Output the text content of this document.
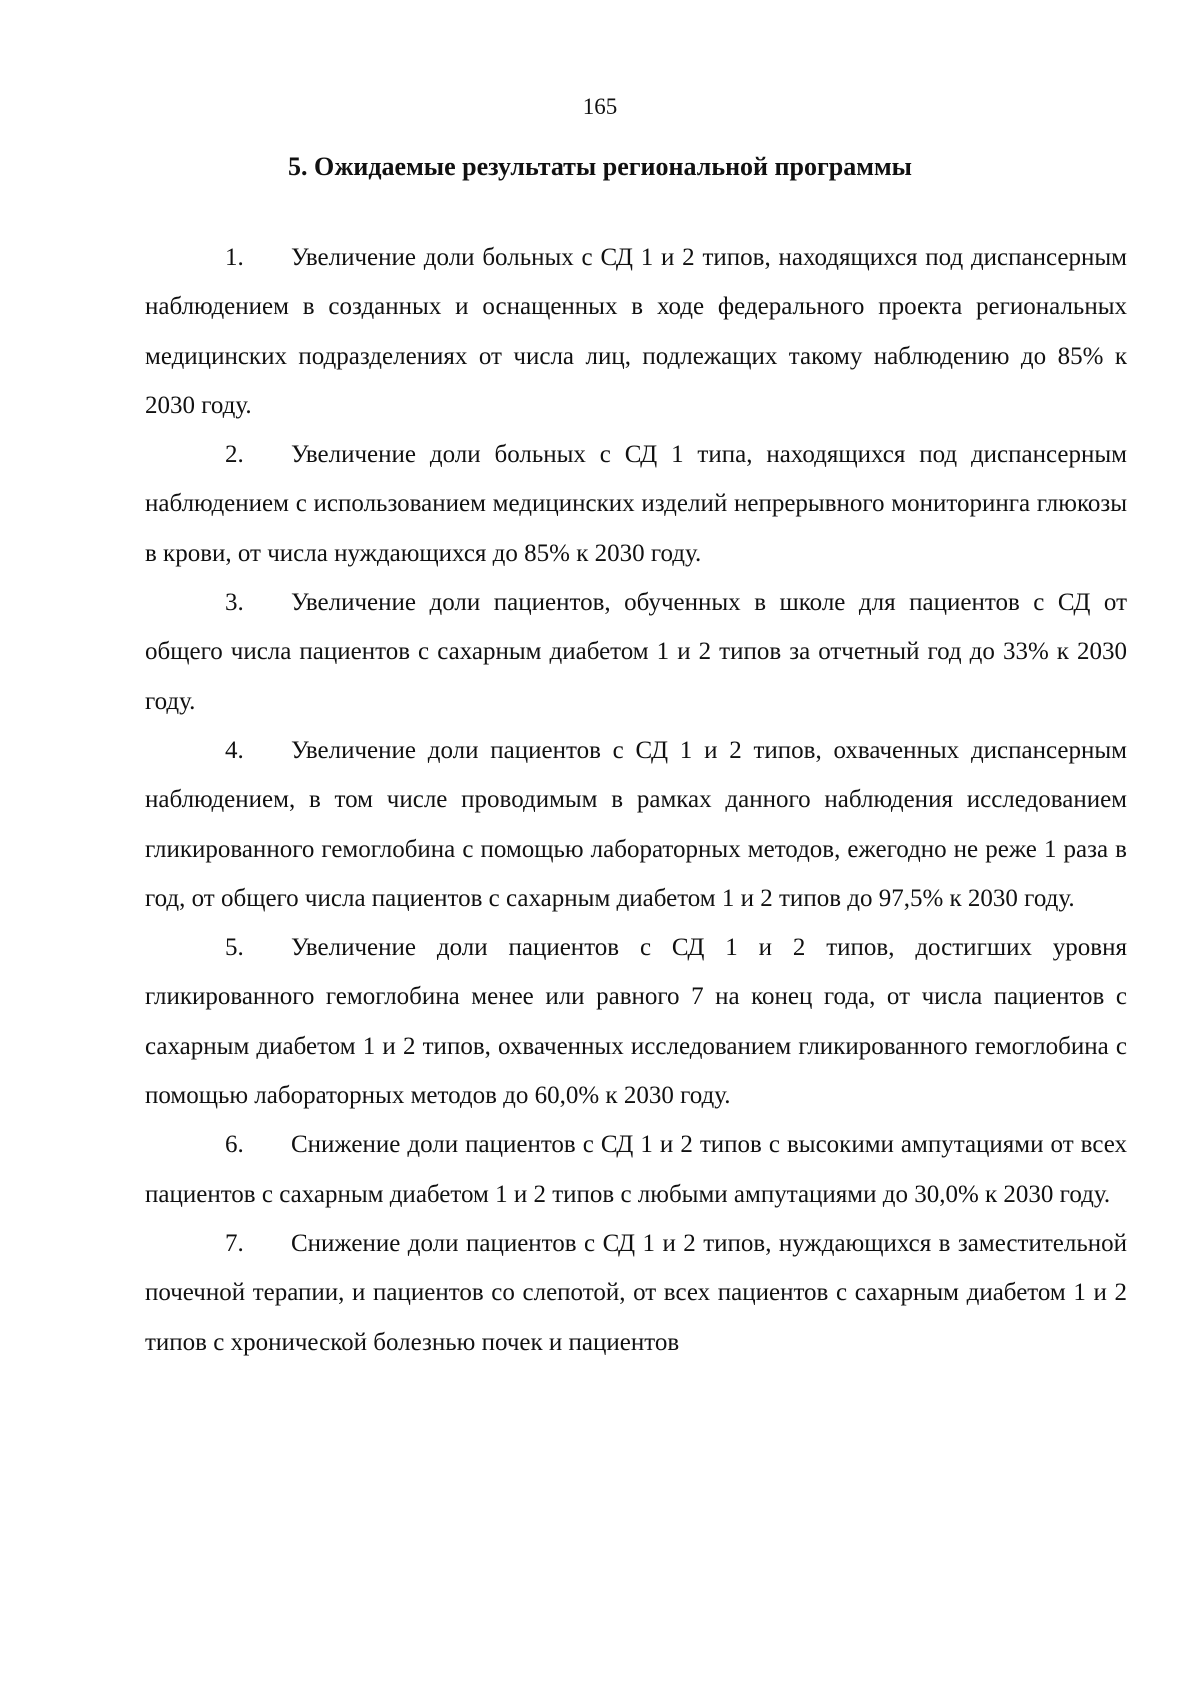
165
5. Ожидаемые результаты региональной программы

1. Увеличение доли больных с СД 1 и 2 типов, находящихся под диспансерным наблюдением в созданных и оснащенных в ходе федерального проекта региональных медицинских подразделениях от числа лиц, подлежащих такому наблюдению до 85% к 2030 году.

2. Увеличение доли больных с СД 1 типа, находящихся под диспансерным наблюдением с использованием медицинских изделий непрерывного мониторинга глюкозы в крови, от числа нуждающихся до 85% к 2030 году.

3. Увеличение доли пациентов, обученных в школе для пациентов с СД от общего числа пациентов с сахарным диабетом 1 и 2 типов за отчетный год до 33% к 2030 году.

4. Увеличение доли пациентов с СД 1 и 2 типов, охваченных диспансерным наблюдением, в том числе проводимым в рамках данного наблюдения исследованием гликированного гемоглобина с помощью лабораторных методов, ежегодно не реже 1 раза в год, от общего числа пациентов с сахарным диабетом 1 и 2 типов до 97,5% к 2030 году.

5. Увеличение доли пациентов с СД 1 и 2 типов, достигших уровня гликированного гемоглобина менее или равного 7 на конец года, от числа пациентов с сахарным диабетом 1 и 2 типов, охваченных исследованием гликированного гемоглобина с помощью лабораторных методов до 60,0% к 2030 году.

6. Снижение доли пациентов с СД 1 и 2 типов с высокими ампутациями от всех пациентов с сахарным диабетом 1 и 2 типов с любыми ампутациями до 30,0% к 2030 году.

7. Снижение доли пациентов с СД 1 и 2 типов, нуждающихся в заместительной почечной терапии, и пациентов со слепотой, от всех пациентов с сахарным диабетом 1 и 2 типов с хронической болезнью почек и пациентов
